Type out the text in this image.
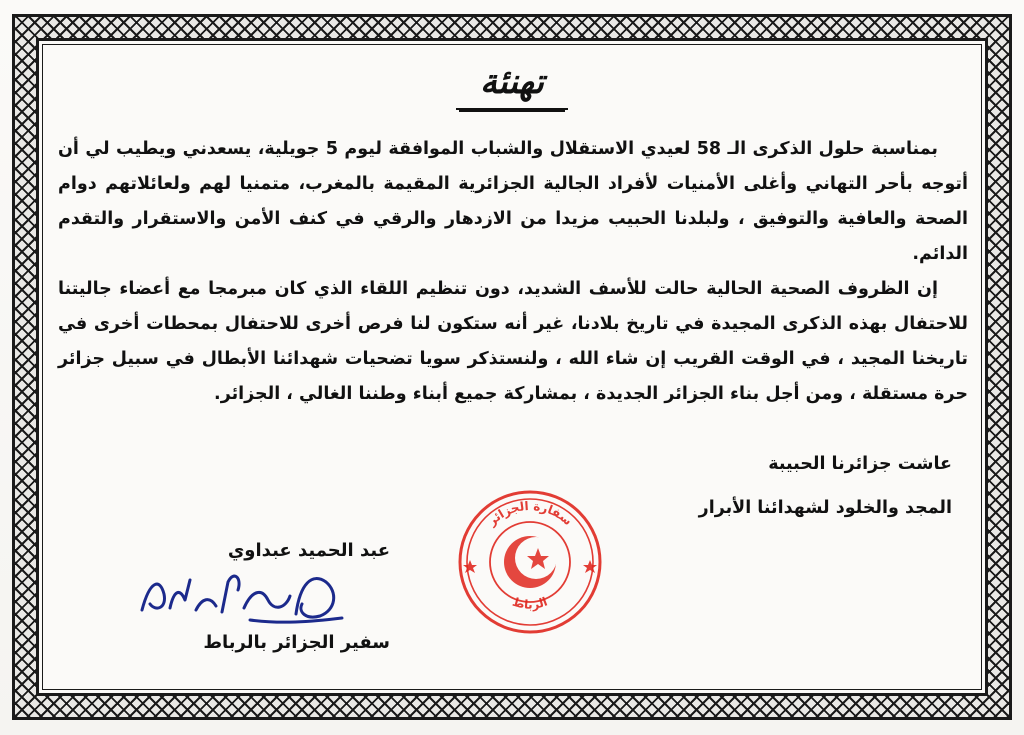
تهنئة

بمناسبة حلول الذكرى الـ 58 لعيدي الاستقلال والشباب الموافقة ليوم 5 جويلية، يسعدني ويطيب لي أن أتوجه بأحر التهاني وأغلى الأمنيات لأفراد الجالية الجزائرية المقيمة بالمغرب، متمنيا لهم ولعائلاتهم دوام الصحة والعافية والتوفيق ، ولبلدنا الحبيب مزيدا من الازدهار والرقي في كنف الأمن والاستقرار والتقدم الدائم.

إن الظروف الصحية الحالية حالت للأسف الشديد، دون تنظيم اللقاء الذي كان مبرمجا مع أعضاء جاليتنا للاحتفال بهذه الذكرى المجيدة في تاريخ بلادنا، غير أنه ستكون لنا فرص أخرى للاحتفال بمحطات أخرى في تاريخنا المجيد ، في الوقت القريب إن شاء الله ، ولنستذكر سويا تضحيات شهدائنا الأبطال في سبيل جزائر حرة مستقلة ، ومن أجل بناء الجزائر الجديدة ، بمشاركة جميع أبناء وطننا الغالي ، الجزائر.

عاشت جزائرنا الحبيبة
المجد والخلود لشهدائنا الأبرار
سفارة الجزائر
الرباط
عبد الحميد عبداوي
سفير الجزائر بالرباط
